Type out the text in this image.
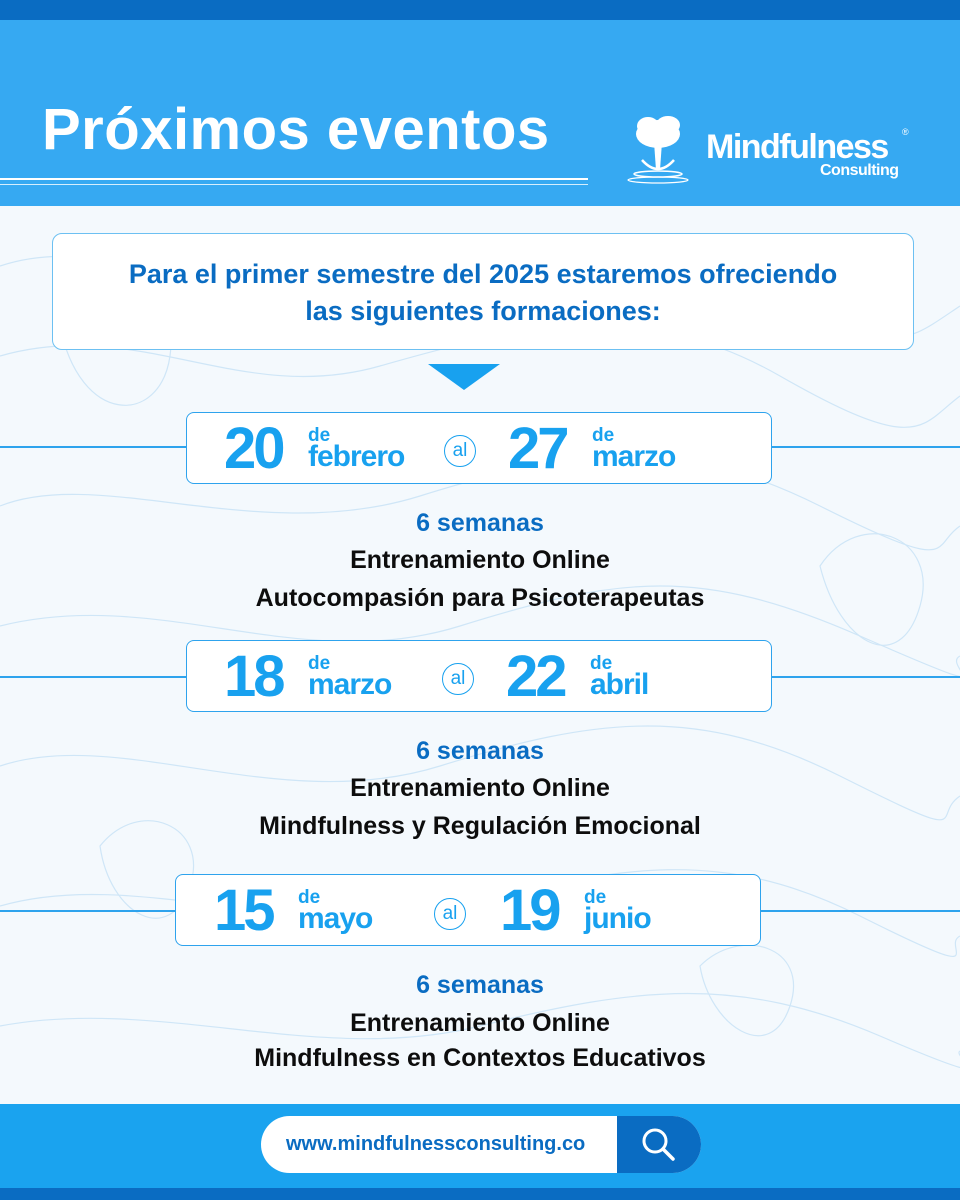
Próximos eventos	Mindfulness ®
Consulting
Para el primer semestre del 2025 estaremos ofreciendo
las siguientes formaciones:
20 de
febrero	al 27 de
marzo
6 semanas
Entrenamiento Online
Autocompasión para Psicoterapeutas
18 de
marzo	al 22 de
abril
6 semanas
Entrenamiento Online
Mindfulness y Regulación Emocional
15 de
mayo	al 19 de
junio
6 semanas
Entrenamiento Online
Mindfulness en Contextos Educativos
www.mindfulnessconsulting.co
